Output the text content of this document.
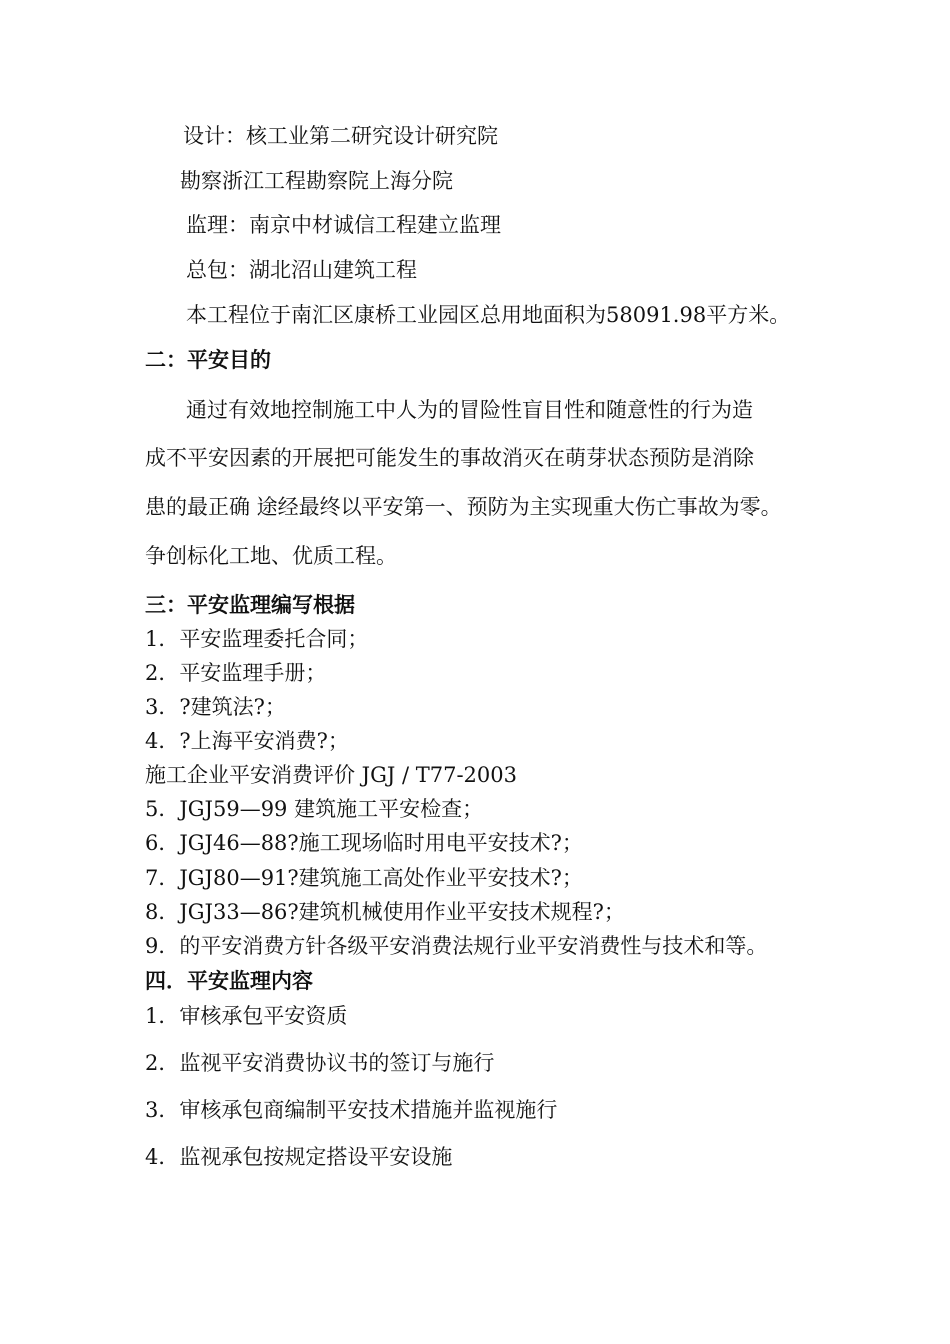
设计：核工业第二研究设计研究院
勘察浙江工程勘察院上海分院
监理：南京中材诚信工程建立监理
总包：湖北沼山建筑工程
本工程位于南汇区康桥工业园区总用地面积为58091.98平方米。
二：平安目的
通过有效地控制施工中人为的冒险性盲目性和随意性的行为造
成不平安因素的开展把可能发生的事故消灭在萌芽状态预防是消除
患的最正确 途经最终以平安第一、预防为主实现重大伤亡事故为零。
争创标化工地、优质工程。
三：平安监理编写根据
1．平安监理委托合同；
2．平安监理手册；
3．?建筑法?；
4．?上海平安消费?；
施工企业平安消费评价 JGJ / T77-2003
5．JGJ59—99 建筑施工平安检查；
6．JGJ46—88?施工现场临时用电平安技术?；
7．JGJ80—91?建筑施工高处作业平安技术?；
8．JGJ33—86?建筑机械使用作业平安技术规程?；
9．的平安消费方针各级平安消费法规行业平安消费性与技术和等。
四．平安监理内容
1．审核承包平安资质
2．监视平安消费协议书的签订与施行
3．审核承包商编制平安技术措施并监视施行
4．监视承包按规定搭设平安设施
